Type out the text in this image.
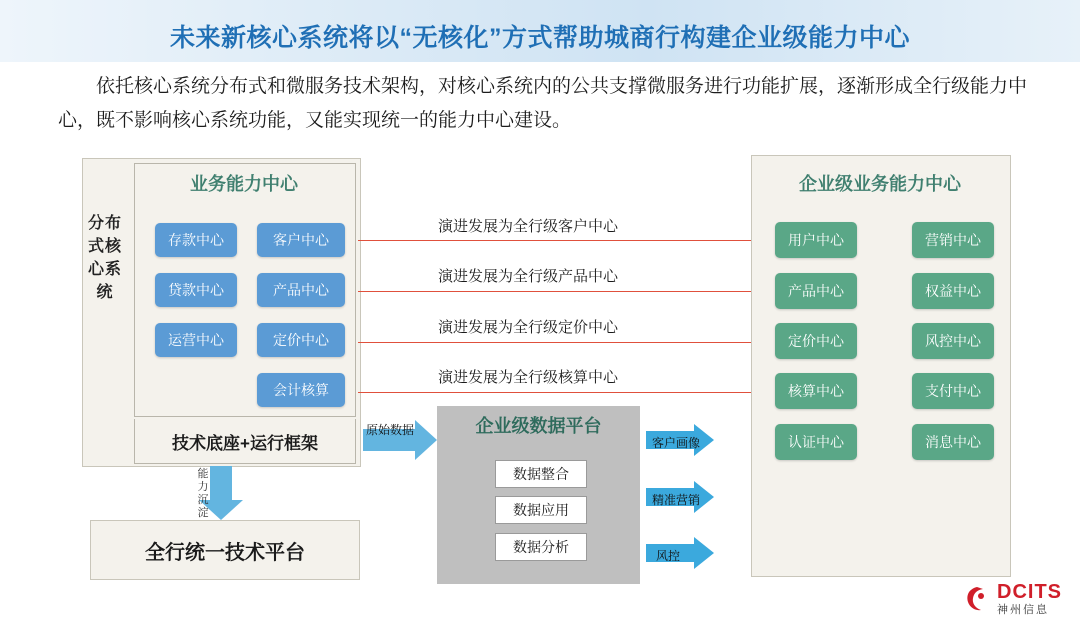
未来新核心系统将以“无核化”方式帮助城商行构建企业级能力中心
依托核心系统分布式和微服务技术架构，对核心系统内的公共支撑微服务进行功能扩展，逐渐形成全行级能力中心，既不影响核心系统功能，又能实现统一的能力中心建设。
分布式核心系统
业务能力中心
存款中心
贷款中心
运营中心
客户中心
产品中心
定价中心
会计核算
技术底座+运行框架
演进发展为全行级客户中心
演进发展为全行级产品中心
演进发展为全行级定价中心
演进发展为全行级核算中心
企业级业务能力中心
用户中心
产品中心
定价中心
核算中心
认证中心
营销中心
权益中心
风控中心
支付中心
消息中心
企业级数据平台
数据整合
数据应用
数据分析
原始数据
客户画像
精准营销
风控
能力沉淀
全行统一技术平台
DCITS
神州信息
